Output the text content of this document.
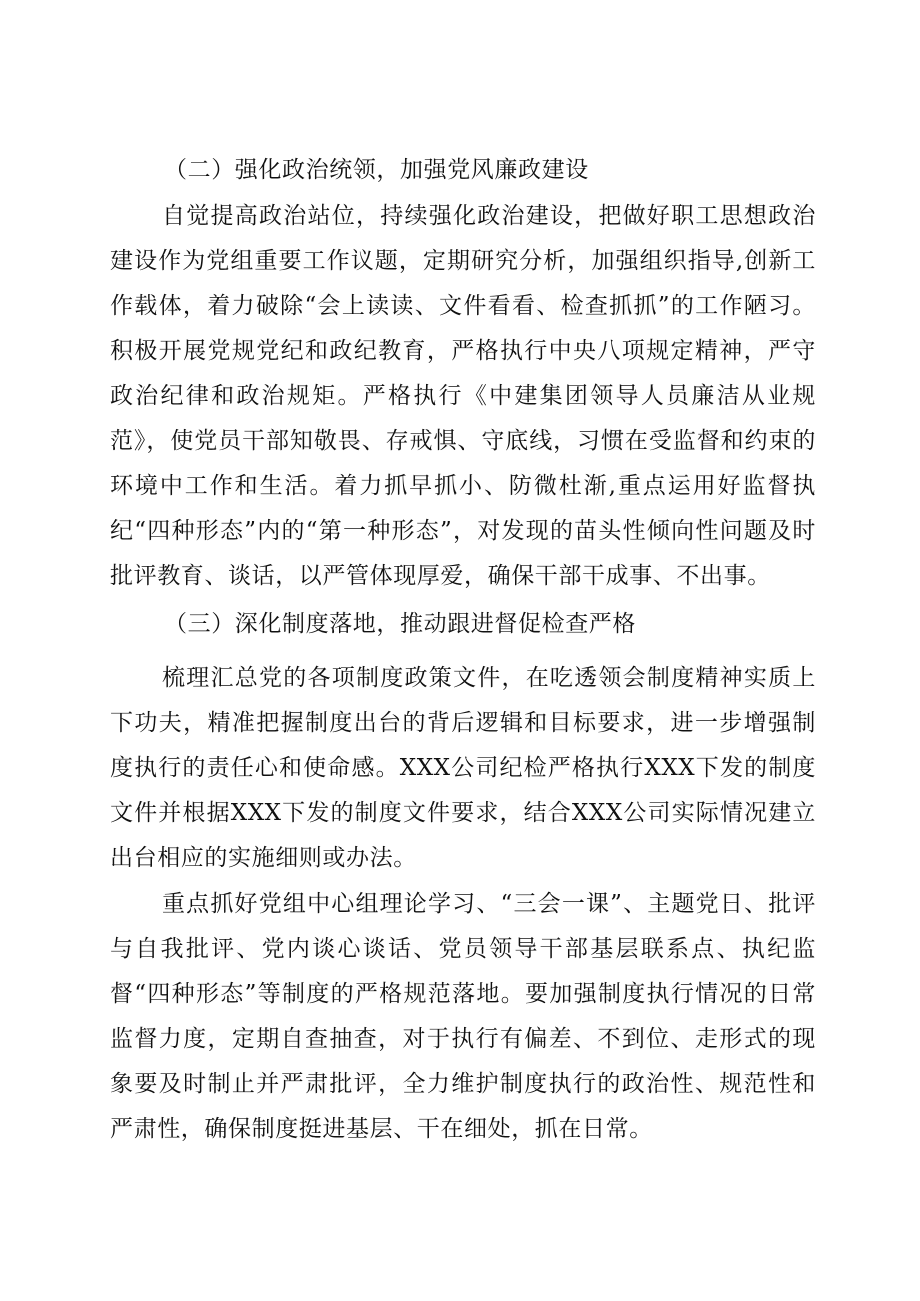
（二）强化政治统领，加强党风廉政建设

自觉提高政治站位，持续强化政治建设，把做好职工思想政治建设作为党组重要工作议题，定期研究分析，加强组织指导,创新工作载体，着力破除“会上读读、文件看看、检查抓抓”的工作陋习。积极开展党规党纪和政纪教育，严格执行中央八项规定精神，严守政治纪律和政治规矩。严格执行《中建集团领导人员廉洁从业规范》，使党员干部知敬畏、存戒惧、守底线，习惯在受监督和约束的环境中工作和生活。着力抓早抓小、防微杜渐,重点运用好监督执纪“四种形态”内的“第一种形态”，对发现的苗头性倾向性问题及时批评教育、谈话，以严管体现厚爱，确保干部干成事、不出事。

（三）深化制度落地，推动跟进督促检查严格

梳理汇总党的各项制度政策文件，在吃透领会制度精神实质上下功夫，精准把握制度出台的背后逻辑和目标要求，进一步增强制度执行的责任心和使命感。XXX公司纪检严格执行XXX下发的制度文件并根据XXX下发的制度文件要求，结合XXX公司实际情况建立出台相应的实施细则或办法。

重点抓好党组中心组理论学习、“三会一课”、主题党日、批评与自我批评、党内谈心谈话、党员领导干部基层联系点、执纪监督“四种形态”等制度的严格规范落地。要加强制度执行情况的日常监督力度，定期自查抽查，对于执行有偏差、不到位、走形式的现象要及时制止并严肃批评，全力维护制度执行的政治性、规范性和严肃性，确保制度挺进基层、干在细处，抓在日常。
